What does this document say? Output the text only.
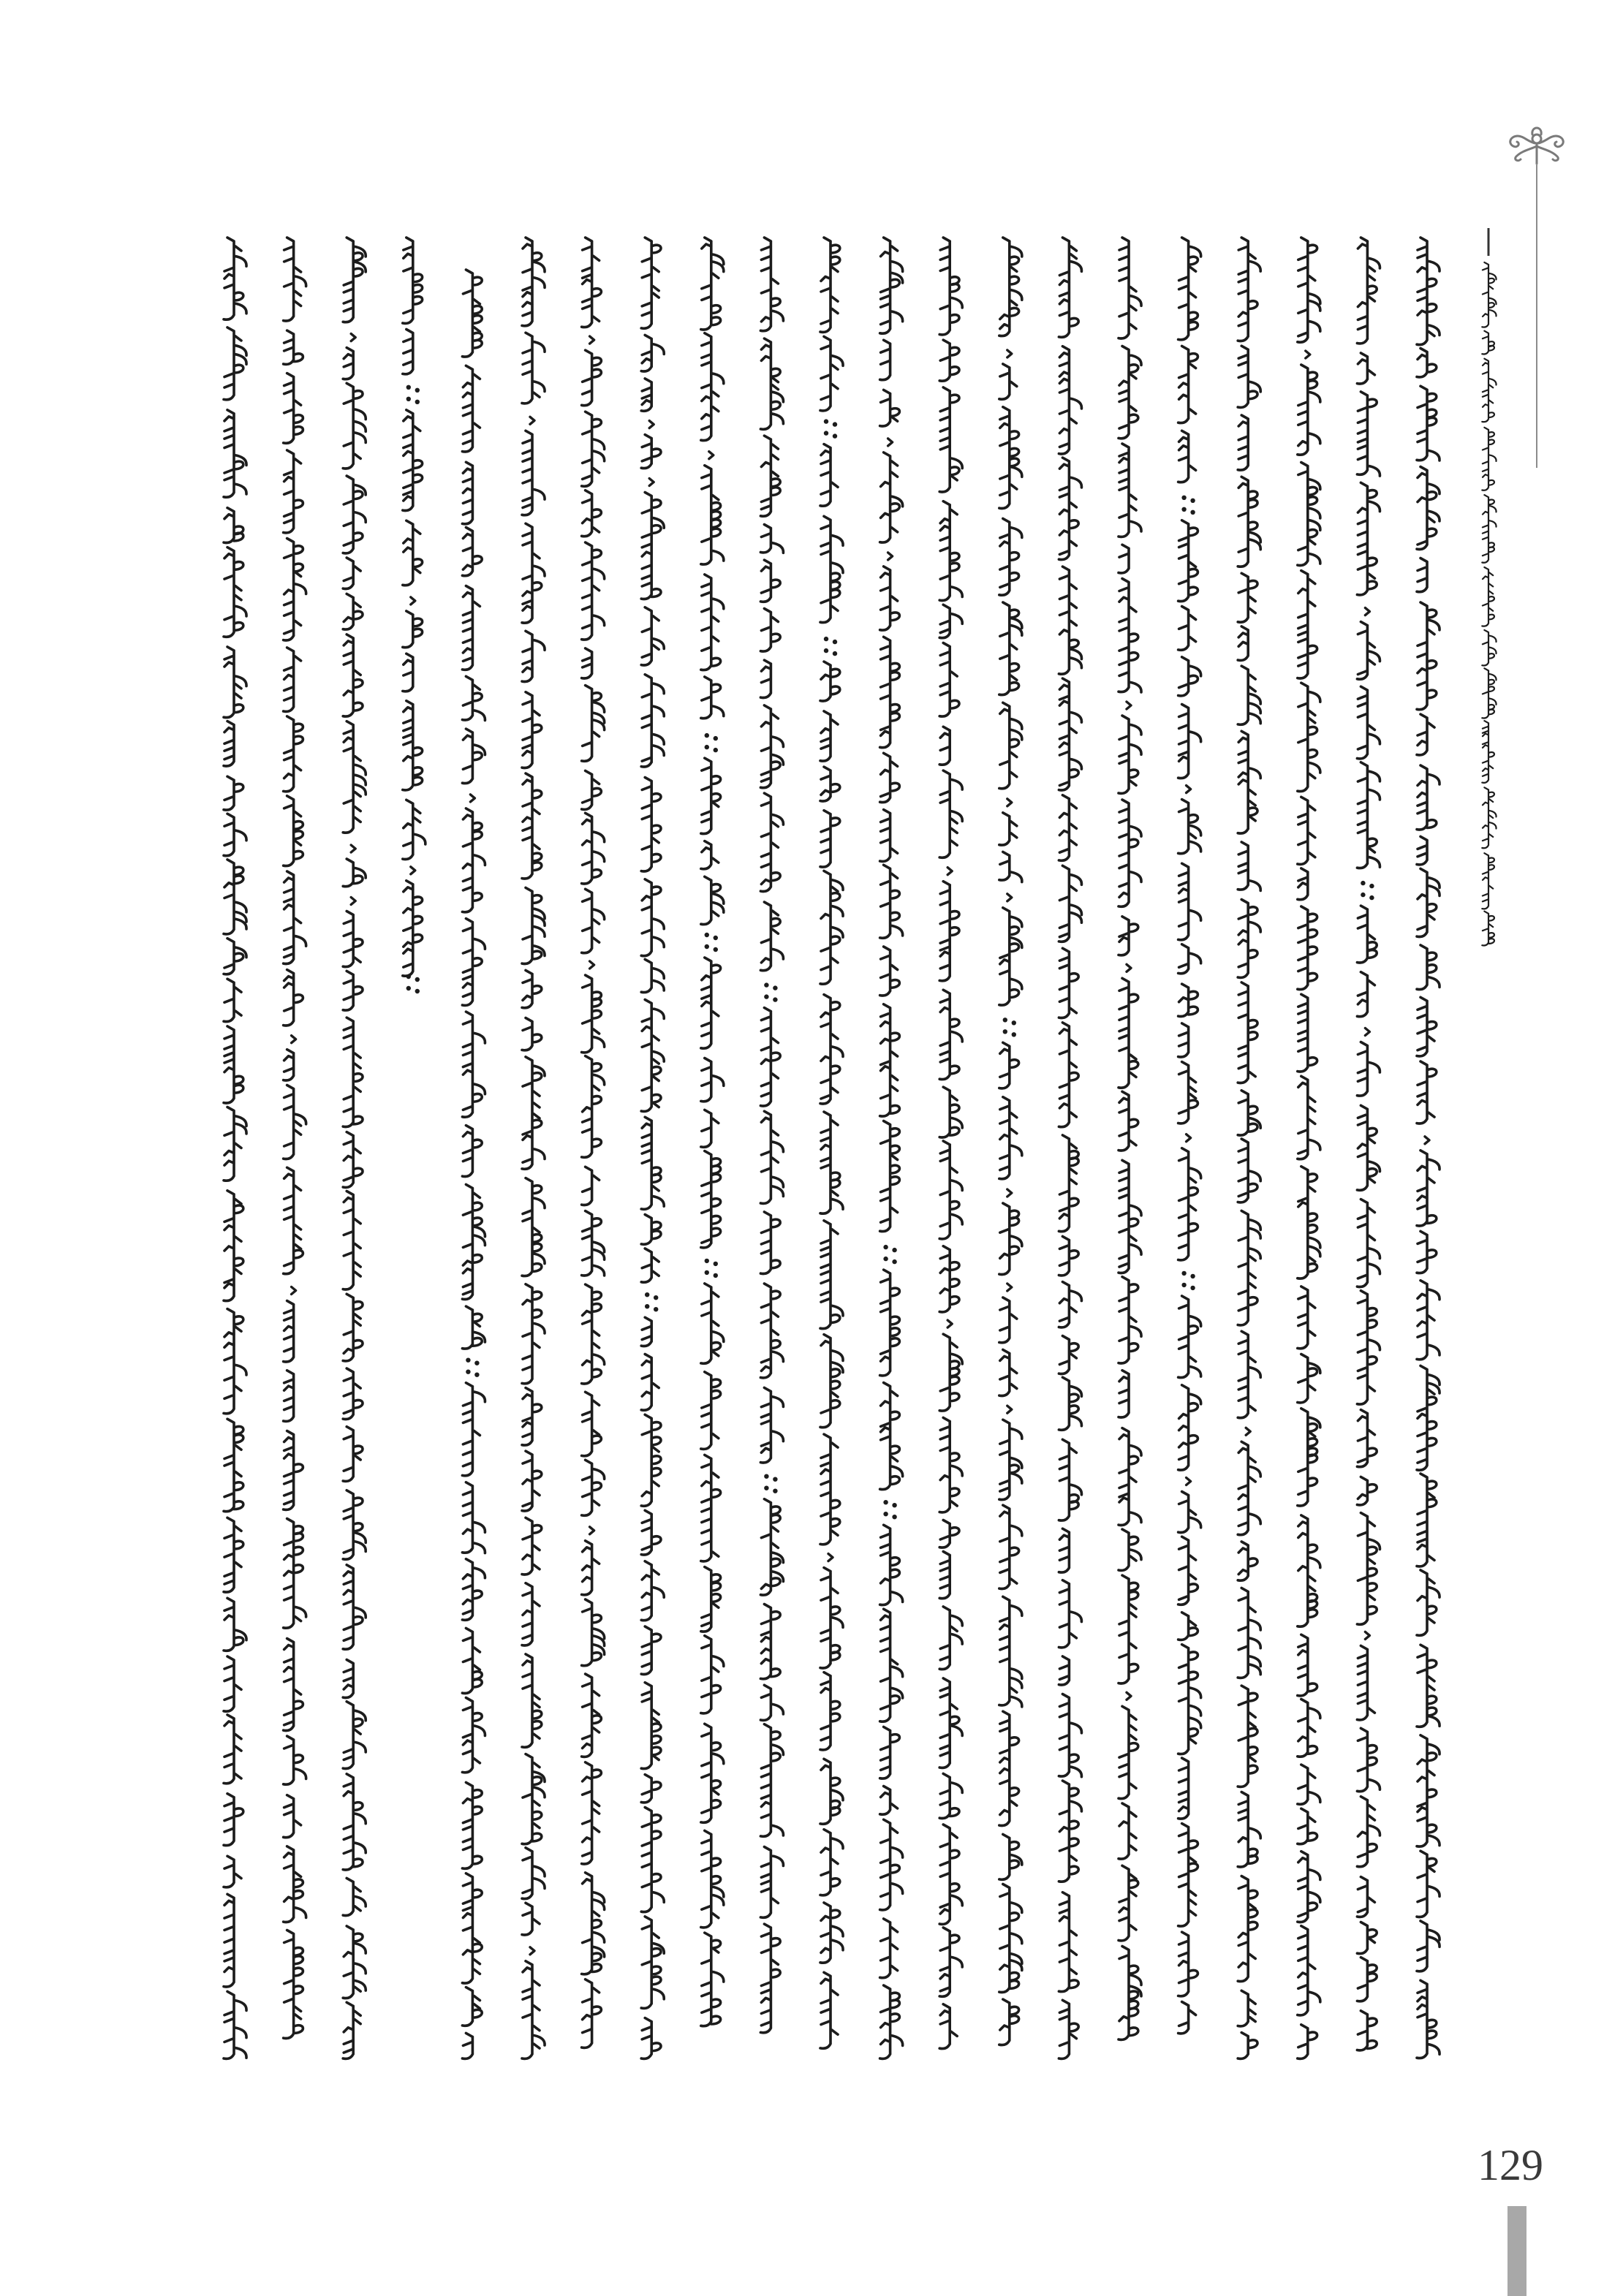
129
